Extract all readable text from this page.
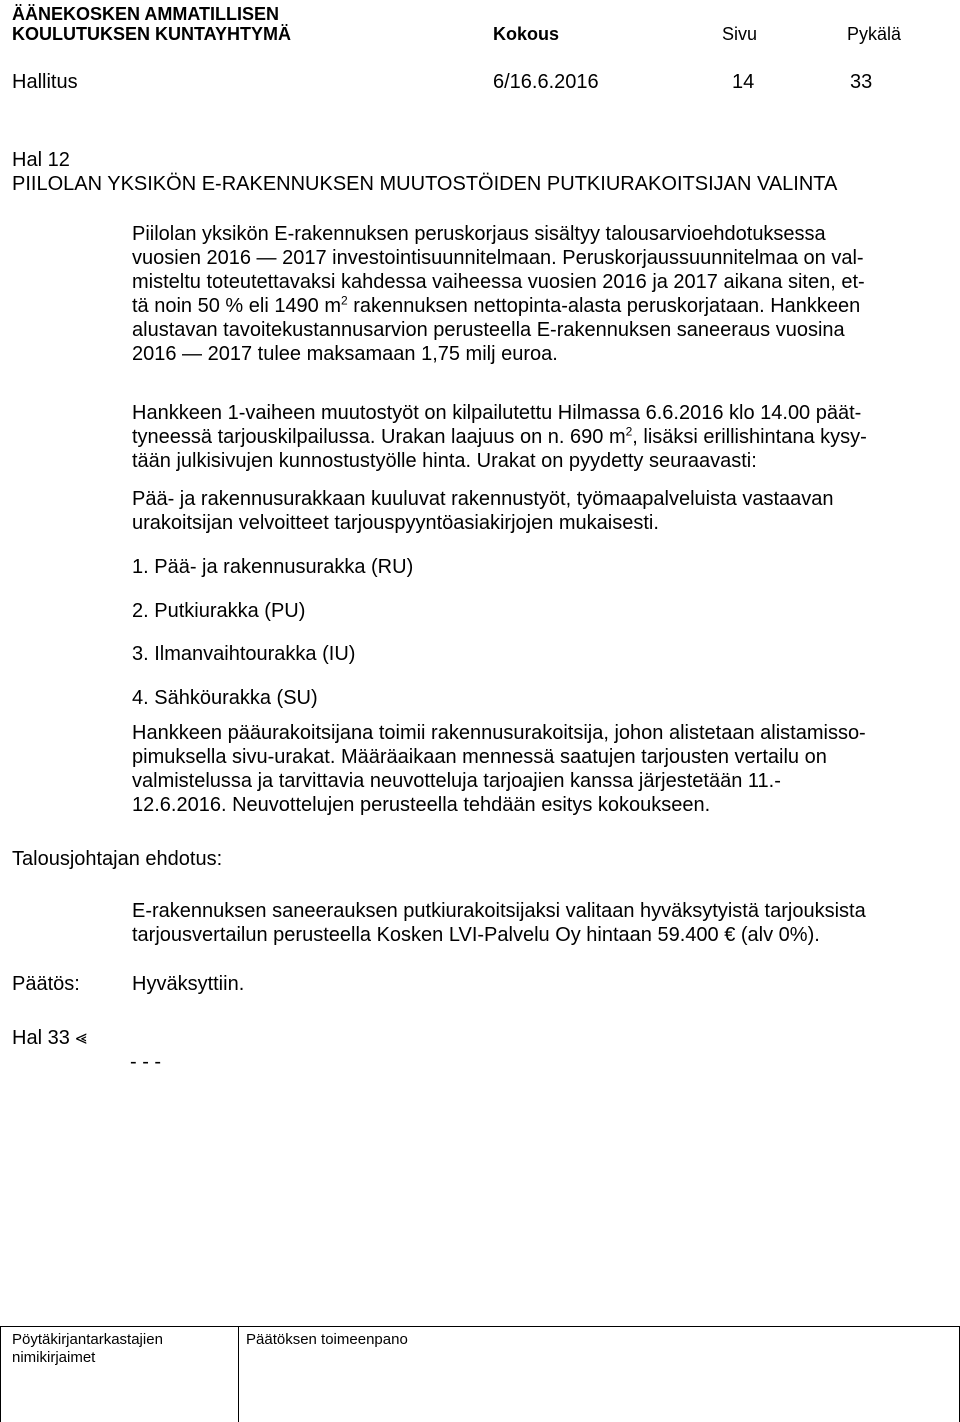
ÄÄNEKOSKEN AMMATILLISEN
KOULUTUKSEN KUNTAYHTYMÄ	Kokous	Sivu	Pykälä
Hallitus	6/16.6.2016	14	33
Hal 12
PIILOLAN YKSIKÖN E-RAKENNUKSEN MUUTOSTÖIDEN PUTKIURAKOITSIJAN VALINTA
Piilolan yksikön E-rakennuksen peruskorjaus sisältyy talousarvioehdotuksessa
vuosien 2016 — 2017 investointisuunnitelmaan. Peruskorjaussuunnitelmaa on val-
misteltu toteutettavaksi kahdessa vaiheessa vuosien 2016 ja 2017 aikana siten, et-
tä noin 50 % eli 1490 $m^2$ rakennuksen nettopinta-alasta peruskorjataan. Hankkeen
alustavan tavoitekustannusarvion perusteella E-rakennuksen saneeraus vuosina
2016 — 2017 tulee maksamaan 1,75 milj euroa.
Hankkeen 1-vaiheen muutostyöt on kilpailutettu Hilmassa 6.6.2016 klo 14.00 päät-
tyneessä tarjouskilpailussa. Urakan laajuus on n. 690 $m^2$, lisäksi erillishintana kysy-
tään julkisivujen kunnostustyölle hinta. Urakat on pyydetty seuraavasti:
Pää- ja rakennusurakkaan kuuluvat rakennustyöt, työmaapalveluista vastaavan
urakoitsijan velvoitteet tarjouspyyntöasiakirjojen mukaisesti.
1. Pää- ja rakennusurakka (RU)
2. Putkiurakka (PU)
3. Ilmanvaihtourakka (IU)
4. Sähköurakka (SU)
Hankkeen pääurakoitsijana toimii rakennusurakoitsija, johon alistetaan alistamisso-
pimuksella sivu-urakat. Määräaikaan mennessä saatujen tarjousten vertailu on
valmistelussa ja tarvittavia neuvotteluja tarjoajien kanssa järjestetään 11.-
12.6.2016. Neuvottelujen perusteella tehdään esitys kokoukseen.
Talousjohtajan ehdotus:
E-rakennuksen saneerauksen putkiurakoitsijaksi valitaan hyväksytyistä tarjouksista
tarjousvertailun perusteella Kosken LVI-Palvelu Oy hintaan 59.400 € (alv 0%).
Päätös:	Hyväksyttiin.
Hal 33 ⪡
- - -
Pöytäkirjantarkastajien
nimikirjaimet
Päätöksen toimeenpano
